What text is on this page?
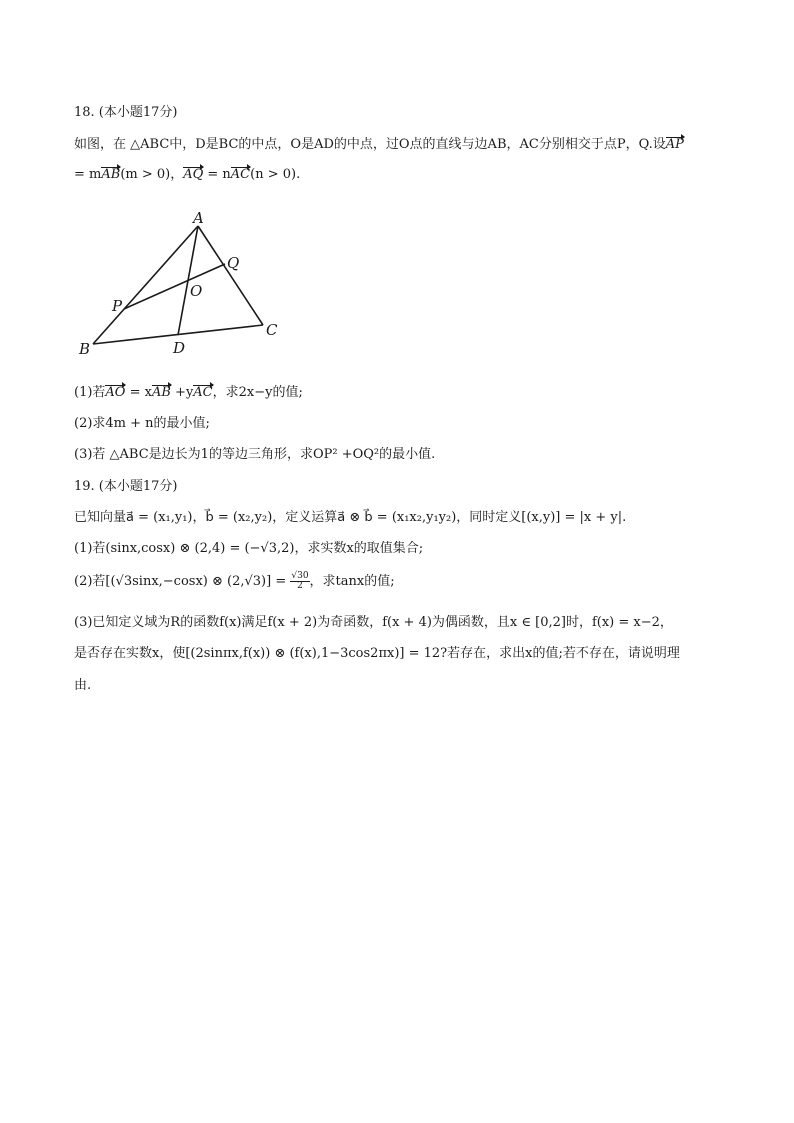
18. (本小题17分)
如图，在 △ABC中，D是BC的中点，O是AD的中点，过O点的直线与边AB，AC分别相交于点P，Q.设AP
= mAB(m > 0)，AQ = nAC(n > 0).
A
B
C
D
O
P
Q
(1)若AO = xAB +yAC，求2x−y的值;
(2)求4m + n的最小值;
(3)若 △ABC是边长为1的等边三角形，求OP² +OQ²的最小值.
19. (本小题17分)
已知向量a⃗ = (x₁,y₁)，b⃗ = (x₂,y₂)，定义运算a⃗ ⊗ b⃗ = (x₁x₂,y₁y₂)，同时定义[(x,y)] = |x + y|.
(1)若(sinx,cosx) ⊗ (2,4) = (−√3,2)，求实数x的取值集合;
(2)若[(√3sinx,−cosx) ⊗ $(2,√3)] = \frac{√30}{2}$ ，求tanx的值;
(3)已知定义域为R的函数f(x)满足f(x + 2)为奇函数，f(x + 4)为偶函数，且x ∈ [0,2]时，f(x) = x−2，
是否存在实数x，使[(2sinπx,f(x)) ⊗ (f(x),1−3cos2πx)] = 12?若存在，求出x的值;若不存在，请说明理
由.
